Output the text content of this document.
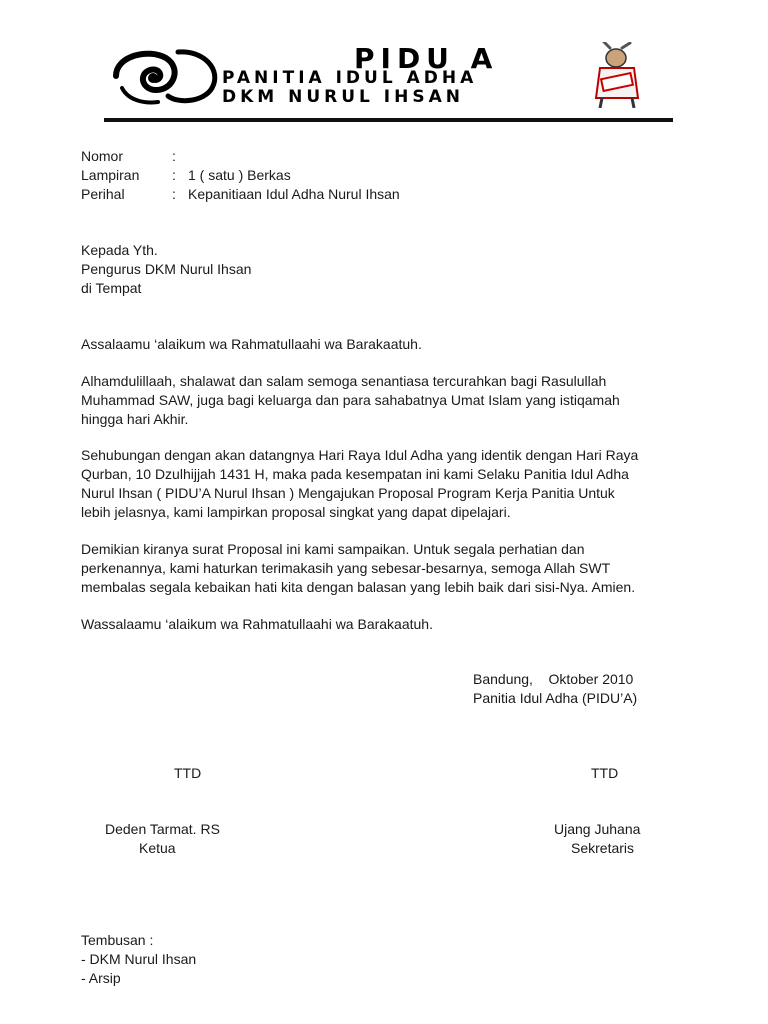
PIDU A
PANITIA IDUL ADHA
DKM NURUL IHSAN
Nomor	:
Lampiran : 1 ( satu ) Berkas
Perihal	: Kepanitiaan Idul Adha Nurul Ihsan
Kepada Yth.
Pengurus DKM Nurul Ihsan
di Tempat
Assalaamu ‘alaikum wa Rahmatullaahi wa Barakaatuh.
Alhamdulillaah, shalawat dan salam semoga senantiasa tercurahkan bagi Rasulullah
Muhammad SAW, juga bagi keluarga dan para sahabatnya Umat Islam yang istiqamah
hingga hari Akhir.
Sehubungan dengan akan datangnya Hari Raya Idul Adha yang identik dengan Hari Raya
Qurban, 10 Dzulhijjah 1431 H, maka pada kesempatan ini kami Selaku Panitia Idul Adha
Nurul Ihsan ( PIDU’A Nurul Ihsan ) Mengajukan Proposal Program Kerja Panitia Untuk
lebih jelasnya, kami lampirkan proposal singkat yang dapat dipelajari.
Demikian kiranya surat Proposal ini kami sampaikan. Untuk segala perhatian dan
perkenannya, kami haturkan terimakasih yang sebesar-besarnya, semoga Allah SWT
membalas segala kebaikan hati kita dengan balasan yang lebih baik dari sisi-Nya. Amien.
Wassalaamu ‘alaikum wa Rahmatullaahi wa Barakaatuh.
Bandung,    Oktober 2010
Panitia Idul Adha (PIDU’A)
TTD	TTD
Deden Tarmat. RS
Ketua
Ujang Juhana
Sekretaris
Tembusan :
- DKM Nurul Ihsan
- Arsip
